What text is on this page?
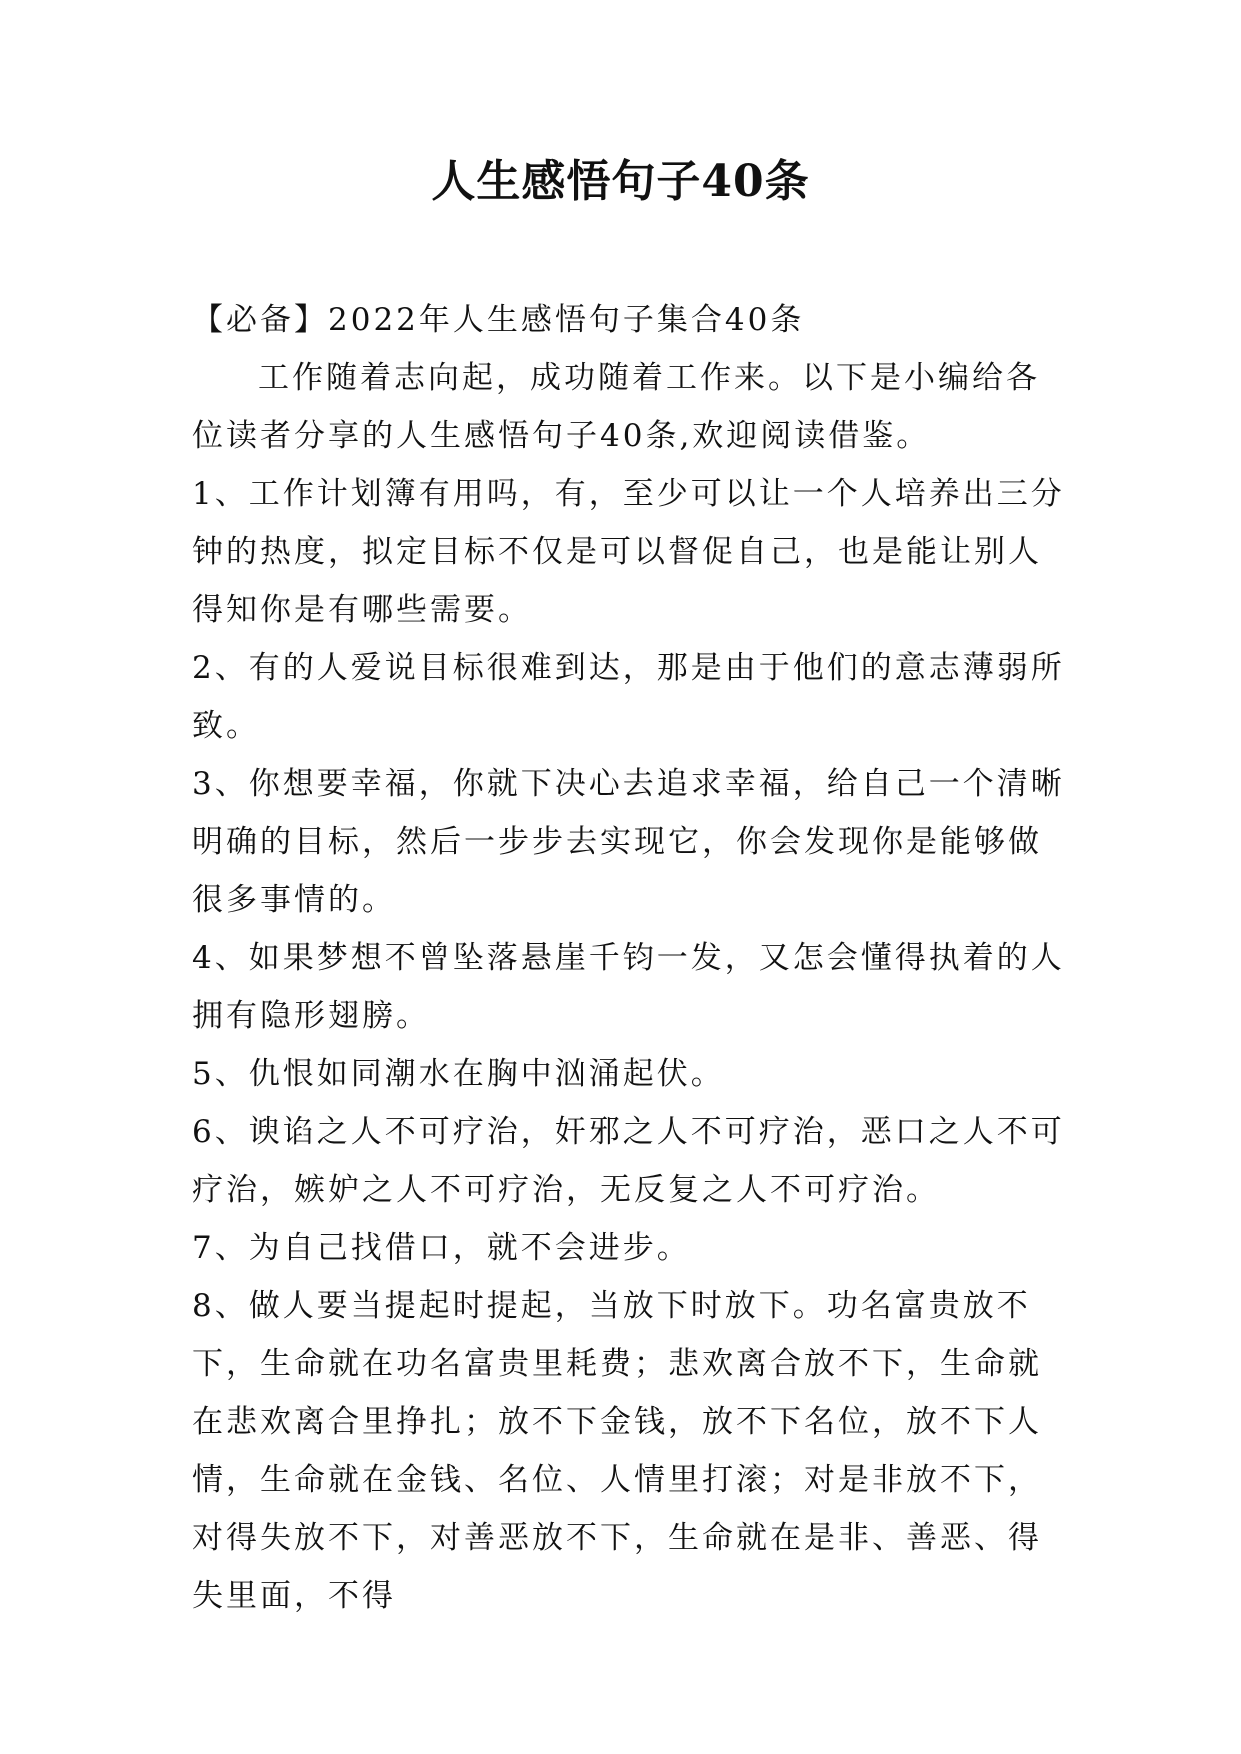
人生感悟句子40条

【必备】2022年人生感悟句子集合40条

工作随着志向起，成功随着工作来。以下是小编给各位读者分享的人生感悟句子40条,欢迎阅读借鉴。

1、工作计划簿有用吗，有，至少可以让一个人培养出三分钟的热度，拟定目标不仅是可以督促自己，也是能让别人得知你是有哪些需要。

2、有的人爱说目标很难到达，那是由于他们的意志薄弱所致。

3、你想要幸福，你就下决心去追求幸福，给自己一个清晰明确的目标，然后一步步去实现它，你会发现你是能够做很多事情的。

4、如果梦想不曾坠落悬崖千钧一发，又怎会懂得执着的人拥有隐形翅膀。

5、仇恨如同潮水在胸中汹涌起伏。

6、谀谄之人不可疗治，奸邪之人不可疗治，恶口之人不可疗治，嫉妒之人不可疗治，无反复之人不可疗治。

7、为自己找借口，就不会进步。

8、做人要当提起时提起，当放下时放下。功名富贵放不下，生命就在功名富贵里耗费；悲欢离合放不下，生命就在悲欢离合里挣扎；放不下金钱，放不下名位，放不下人情，生命就在金钱、名位、人情里打滚；对是非放不下，对得失放不下，对善恶放不下，生命就在是非、善恶、得失里面，不得
